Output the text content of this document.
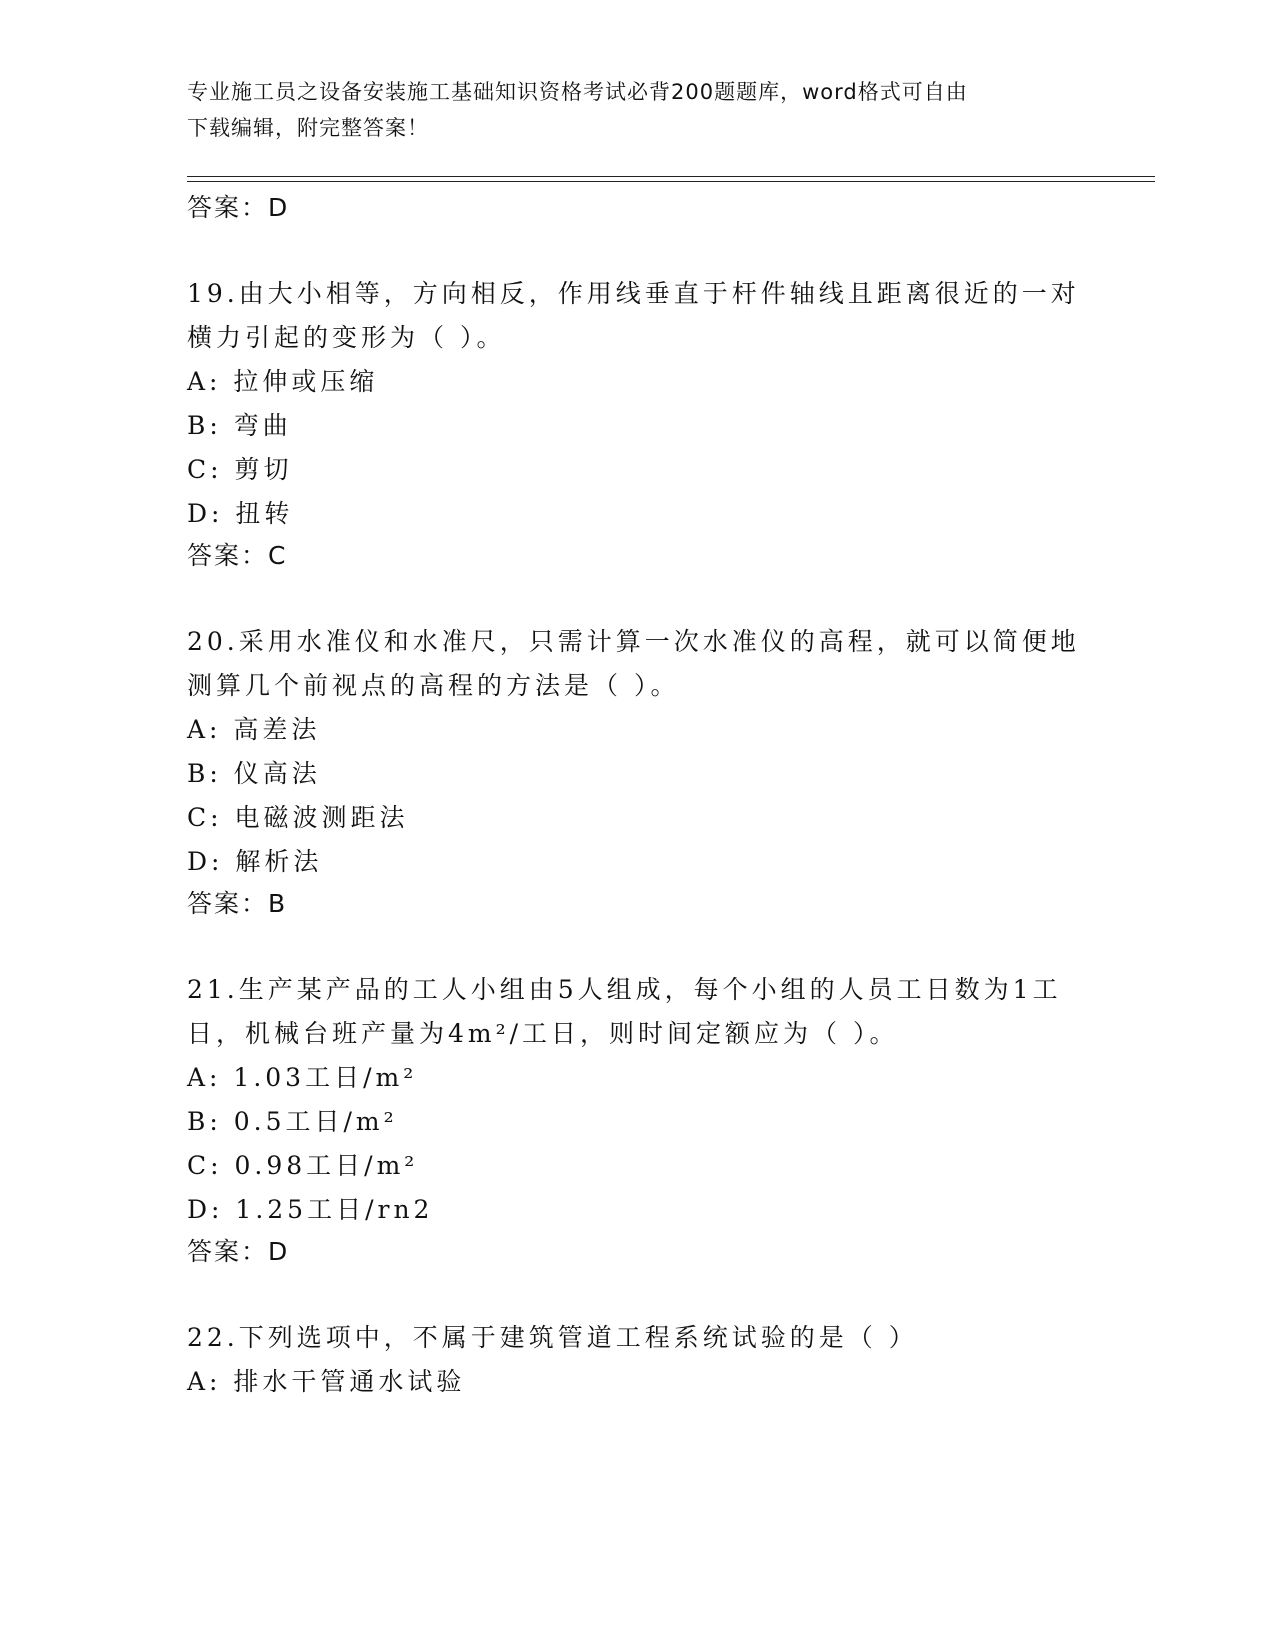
专业施工员之设备安装施工基础知识资格考试必背200题题库，word格式可自由
下载编辑，附完整答案！
答案：D
19.由大小相等，方向相反，作用线垂直于杆件轴线且距离很近的一对
横力引起的变形为（ ）。
A: 拉伸或压缩
B: 弯曲
C: 剪切
D: 扭转
答案：C
20.采用水准仪和水准尺，只需计算一次水准仪的高程，就可以简便地
测算几个前视点的高程的方法是（ ）。
A: 高差法
B: 仪高法
C: 电磁波测距法
D: 解析法
答案：B
21.生产某产品的工人小组由5人组成，每个小组的人员工日数为1工
日，机械台班产量为4m²/工日，则时间定额应为（ ）。
A: 1.03工日/m²
B: 0.5工日/m²
C: 0.98工日/m²
D: 1.25工日/rn2
答案：D
22.下列选项中，不属于建筑管道工程系统试验的是（ ）
A: 排水干管通水试验
